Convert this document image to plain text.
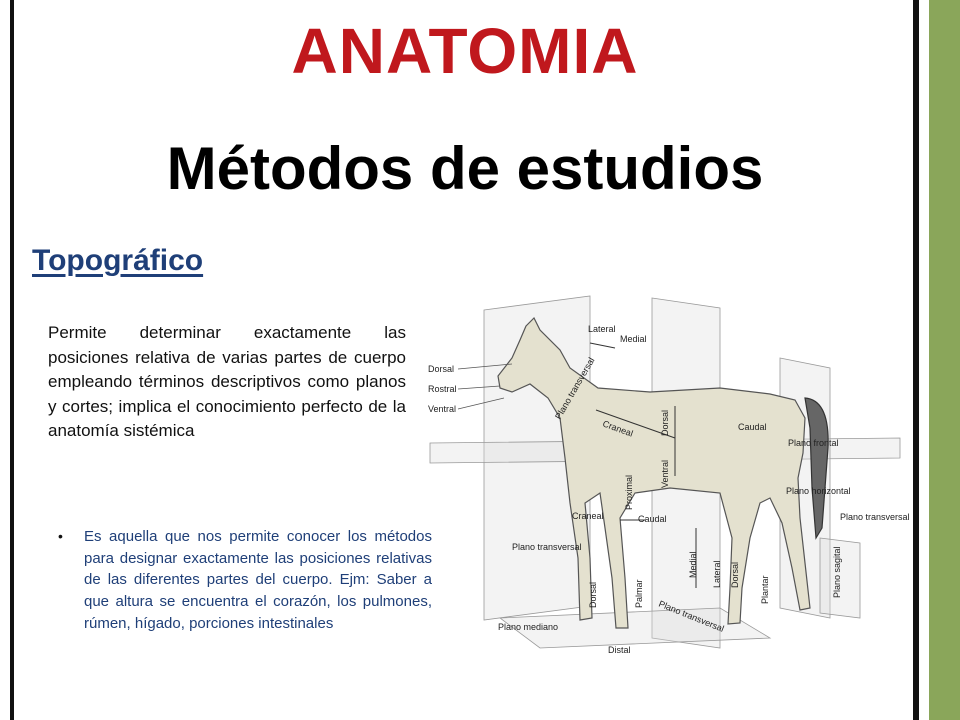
ANATOMIA
Métodos de estudios
Topográfico
Permite determinar exactamente las posiciones relativa de varias partes de cuerpo empleando términos descriptivos como planos y cortes; implica el conocimiento perfecto de la anatomía sistémica
• Es aquella que nos permite conocer los métodos para designar exactamente las posiciones relativas de las diferentes partes del cuerpo. Ejm: Saber a que altura se encuentra el corazón, los pulmones, rúmen, hígado, porciones intestinales
Lateral
Medial
Dorsal
Rostral
Ventral	Plano transversal
Craneal	Dorsal	Caudal
Plano frontal
Ventral
Proximal	Plano horizontal
Craneal	Caudal	Plano transversal
Plano transversal
Medial Lateral Dorsal
Plantar	Plano sagital
Dorsal	Palmar
Plano transversal
Plano mediano
Distal
